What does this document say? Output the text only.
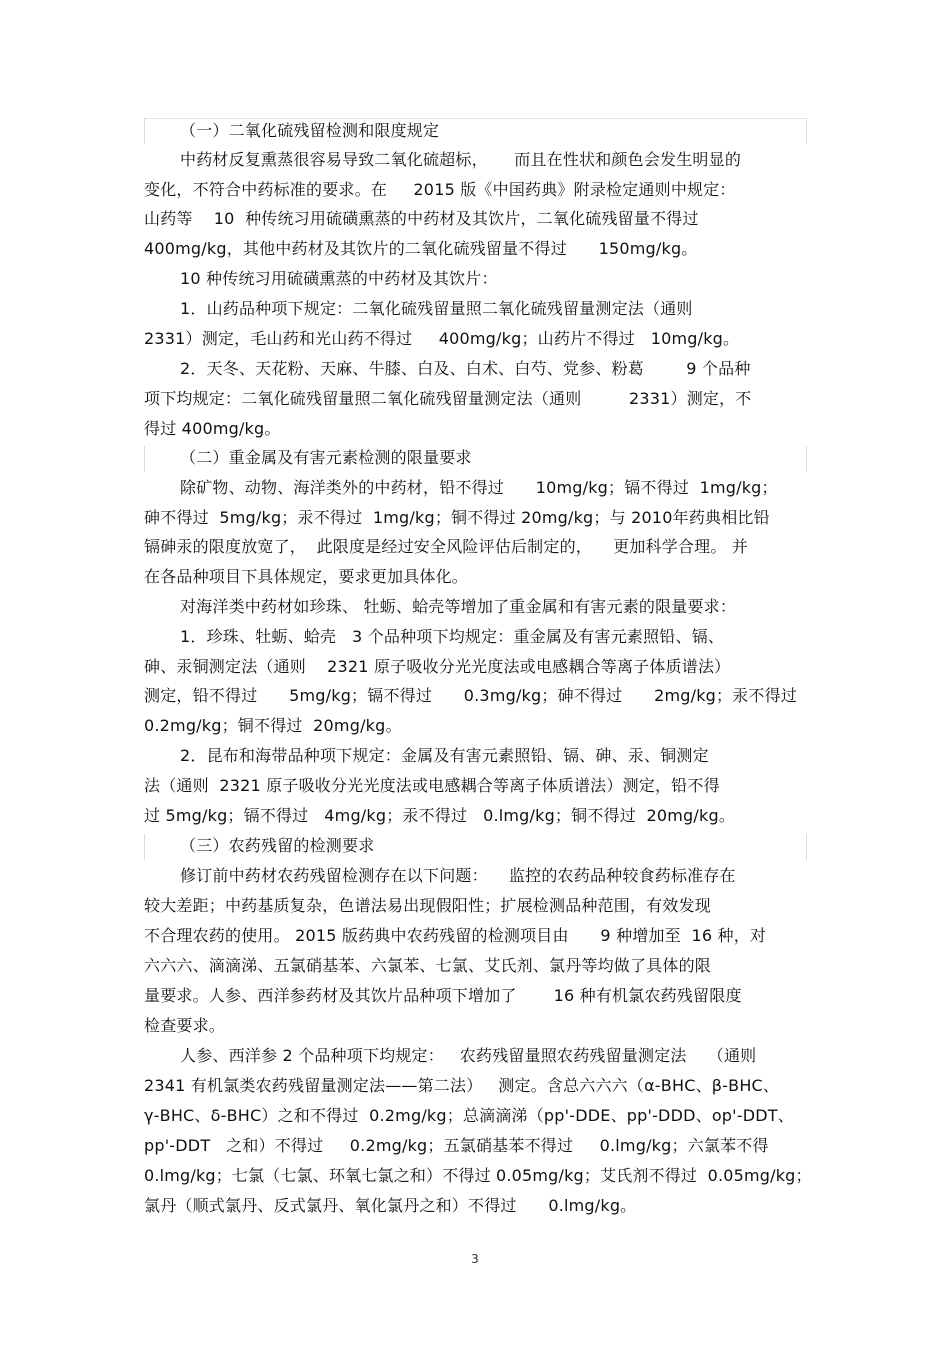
（一）二氧化硫残留检测和限度规定

中药材反复熏蒸很容易导致二氧化硫超标，     而且在性状和颜色会发生明显的

变化，不符合中药标准的要求。在     2015 版《中国药典》附录检定通则中规定：

山药等    10  种传统习用硫磺熏蒸的中药材及其饮片，二氧化硫残留量不得过

400mg/kg，其他中药材及其饮片的二氧化硫残留量不得过      150mg/kg。

10 种传统习用硫磺熏蒸的中药材及其饮片：

1．山药品种项下规定：二氧化硫残留量照二氧化硫残留量测定法（通则

2331）测定，毛山药和光山药不得过     400mg/kg；山药片不得过   10mg/kg。

2．天冬、天花粉、天麻、牛膝、白及、白术、白芍、党参、粉葛        9 个品种

项下均规定：二氧化硫残留量照二氧化硫残留量测定法（通则         2331）测定，不

得过 400mg/kg。

（二）重金属及有害元素检测的限量要求

除矿物、动物、海洋类外的中药材，铅不得过      10mg/kg；镉不得过  1mg/kg；

砷不得过  5mg/kg；汞不得过  1mg/kg；铜不得过 20mg/kg；与 2010年药典相比铅

镉砷汞的限度放宽了，  此限度是经过安全风险评估后制定的，    更加科学合理。 并

在各品种项目下具体规定，要求更加具体化。

对海洋类中药材如珍珠、 牡蛎、蛤壳等增加了重金属和有害元素的限量要求：

1．珍珠、牡蛎、蛤壳   3 个品种项下均规定：重金属及有害元素照铅、镉、

砷、汞铜测定法（通则    2321 原子吸收分光光度法或电感耦合等离子体质谱法）

测定，铅不得过      5mg/kg；镉不得过      0.3mg/kg；砷不得过      2mg/kg；汞不得过

0.2mg/kg；铜不得过  20mg/kg。

2．昆布和海带品种项下规定：金属及有害元素照铅、镉、砷、汞、铜测定

法（通则  2321 原子吸收分光光度法或电感耦合等离子体质谱法）测定，铅不得

过 5mg/kg；镉不得过   4mg/kg；汞不得过   0.lmg/kg；铜不得过  20mg/kg。

（三）农药残留的检测要求

修订前中药材农药残留检测存在以下问题：    监控的农药品种较食药标准存在

较大差距；中药基质复杂，色谱法易出现假阳性；扩展检测品种范围，有效发现

不合理农药的使用。 2015 版药典中农药残留的检测项目由      9 种增加至  16 种，对

六六六、滴滴涕、五氯硝基苯、六氯苯、七氯、艾氏剂、氯丹等均做了具体的限

量要求。人参、西洋参药材及其饮片品种项下增加了       16 种有机氯农药残留限度

检查要求。

人参、西洋参 2 个品种项下均规定：   农药残留量照农药残留量测定法    （通则

2341 有机氯类农药残留量测定法——第二法）   测定。含总六六六（α-BHC、β-BHC、

γ-BHC、δ-BHC）之和不得过  0.2mg/kg；总滴滴涕（pp'-DDE、pp'-DDD、op'-DDT、

pp'-DDT   之和）不得过     0.2mg/kg；五氯硝基苯不得过     0.lmg/kg；六氯苯不得

0.lmg/kg；七氯（七氯、环氧七氯之和）不得过 0.05mg/kg；艾氏剂不得过  0.05mg/kg；

氯丹（顺式氯丹、反式氯丹、氧化氯丹之和）不得过      0.lmg/kg。

3
